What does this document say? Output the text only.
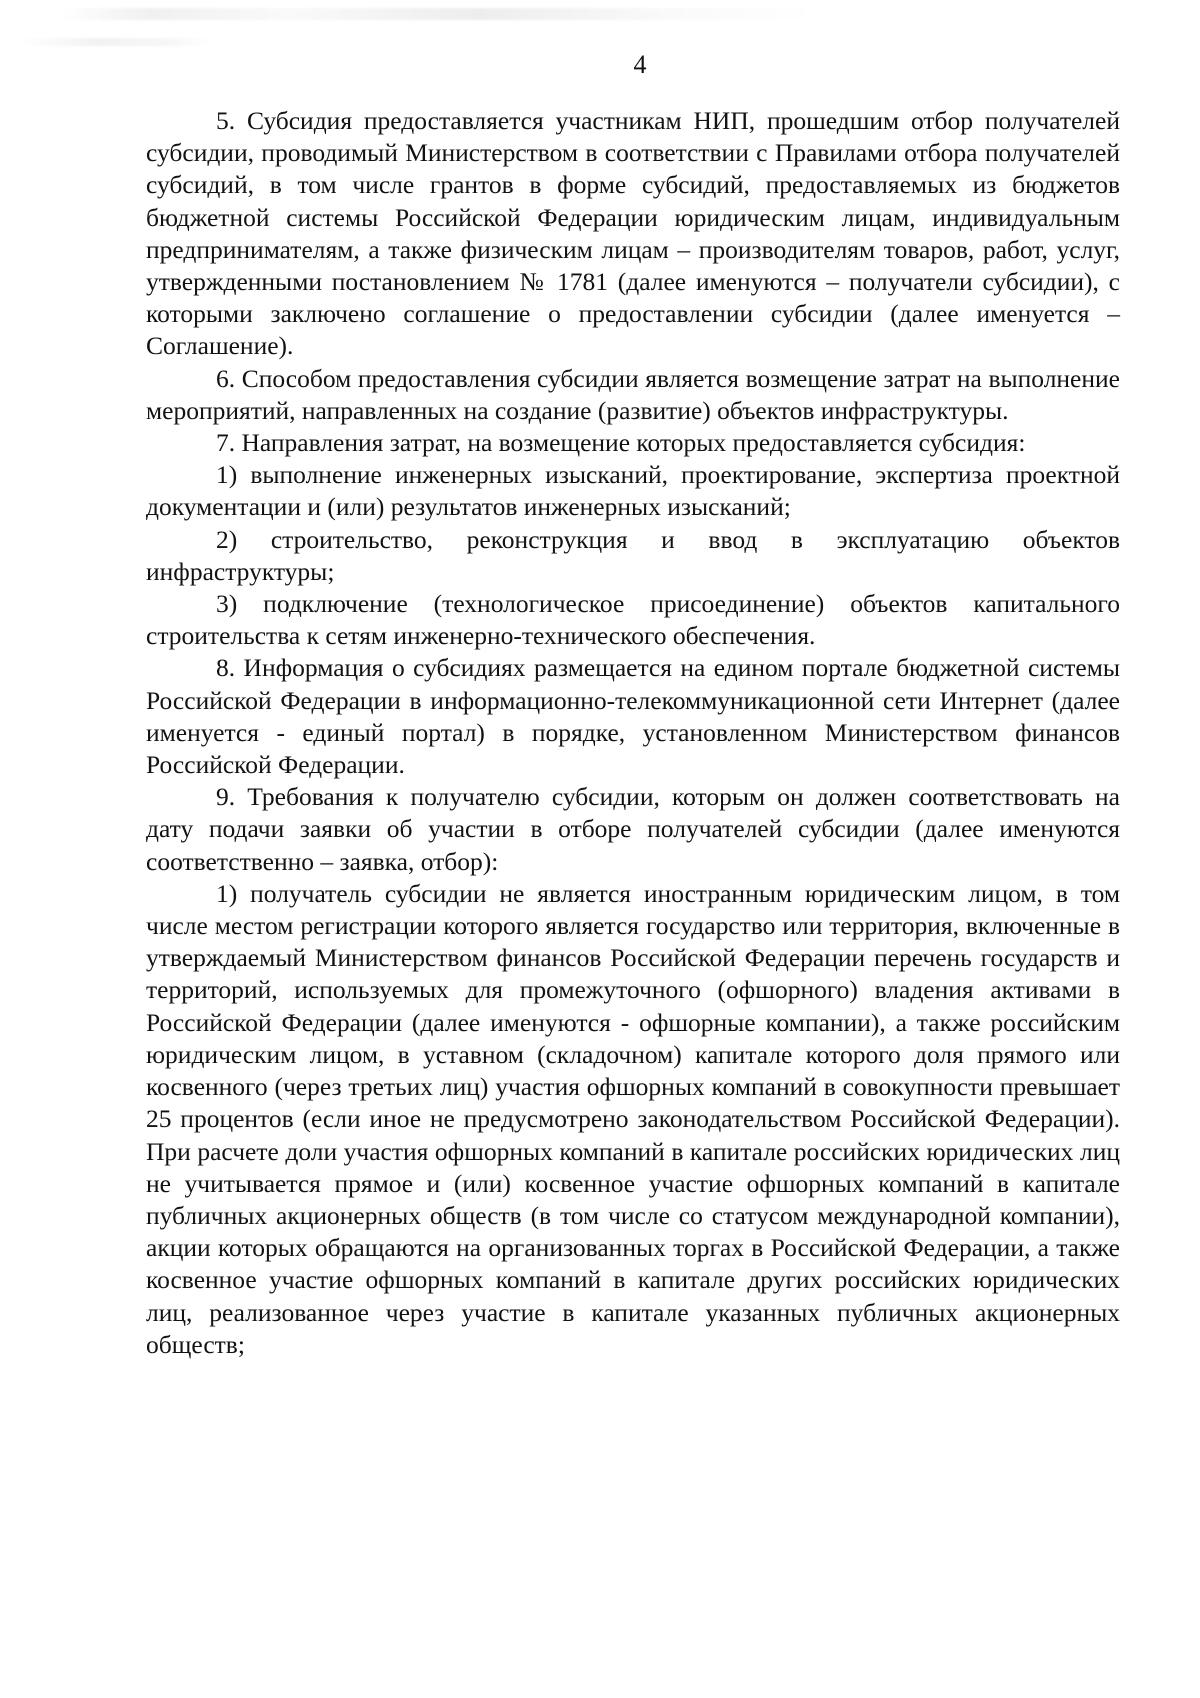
4

5. Субсидия предоставляется участникам НИП, прошедшим отбор получателей субсидии, проводимый Министерством в соответствии с Правилами отбора получателей субсидий, в том числе грантов в форме субсидий, предоставляемых из бюджетов бюджетной системы Российской Федерации юридическим лицам, индивидуальным предпринимателям, а также физическим лицам – производителям товаров, работ, услуг, утвержденными постановлением № 1781 (далее именуются – получатели субсидии), с которыми заключено соглашение о предоставлении субсидии (далее именуется – Соглашение).

6. Способом предоставления субсидии является возмещение затрат на выполнение мероприятий, направленных на создание (развитие) объектов инфраструктуры.

7. Направления затрат, на возмещение которых предоставляется субсидия:

1) выполнение инженерных изысканий, проектирование, экспертиза проектной документации и (или) результатов инженерных изысканий;

2) строительство, реконструкция и ввод в эксплуатацию объектов инфраструктуры;

3) подключение (технологическое присоединение) объектов капитального строительства к сетям инженерно-технического обеспечения.

8. Информация о субсидиях размещается на едином портале бюджетной системы Российской Федерации в информационно-телекоммуникационной сети Интернет (далее именуется - единый портал) в порядке, установленном Министерством финансов Российской Федерации.

9. Требования к получателю субсидии, которым он должен соответствовать на дату подачи заявки об участии в отборе получателей субсидии (далее именуются соответственно – заявка, отбор):

1) получатель субсидии не является иностранным юридическим лицом, в том числе местом регистрации которого является государство или территория, включенные в утверждаемый Министерством финансов Российской Федерации перечень государств и территорий, используемых для промежуточного (офшорного) владения активами в Российской Федерации (далее именуются - офшорные компании), а также российским юридическим лицом, в уставном (складочном) капитале которого доля прямого или косвенного (через третьих лиц) участия офшорных компаний в совокупности превышает 25 процентов (если иное не предусмотрено законодательством Российской Федерации). При расчете доли участия офшорных компаний в капитале российских юридических лиц не учитывается прямое и (или) косвенное участие офшорных компаний в капитале публичных акционерных обществ (в том числе со статусом международной компании), акции которых обращаются на организованных торгах в Российской Федерации, а также косвенное участие офшорных компаний в капитале других российских юридических лиц, реализованное через участие в капитале указанных публичных акционерных обществ;
